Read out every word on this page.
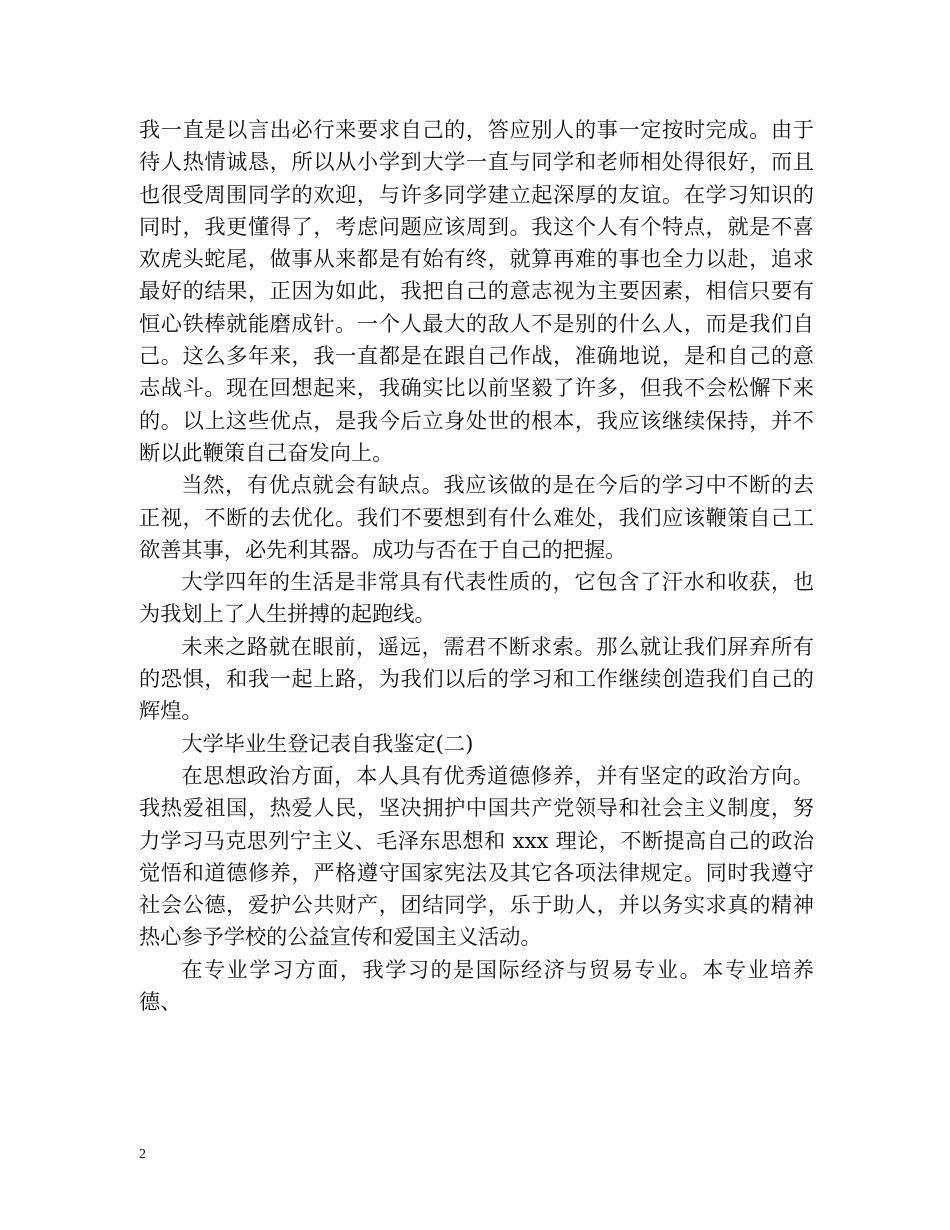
我一直是以言出必行来要求自己的，答应别人的事一定按时完成。由于待人热情诚恳，所以从小学到大学一直与同学和老师相处得很好，而且也很受周围同学的欢迎，与许多同学建立起深厚的友谊。在学习知识的同时，我更懂得了，考虑问题应该周到。我这个人有个特点，就是不喜欢虎头蛇尾，做事从来都是有始有终，就算再难的事也全力以赴，追求最好的结果，正因为如此，我把自己的意志视为主要因素，相信只要有恒心铁棒就能磨成针。一个人最大的敌人不是别的什么人，而是我们自己。这么多年来，我一直都是在跟自己作战，准确地说，是和自己的意志战斗。现在回想起来，我确实比以前坚毅了许多，但我不会松懈下来的。以上这些优点，是我今后立身处世的根本，我应该继续保持，并不断以此鞭策自己奋发向上。

当然，有优点就会有缺点。我应该做的是在今后的学习中不断的去正视，不断的去优化。我们不要想到有什么难处，我们应该鞭策自己工欲善其事，必先利其器。成功与否在于自己的把握。

大学四年的生活是非常具有代表性质的，它包含了汗水和收获，也为我划上了人生拼搏的起跑线。

未来之路就在眼前，遥远，需君不断求索。那么就让我们屏弃所有的恐惧，和我一起上路，为我们以后的学习和工作继续创造我们自己的辉煌。

大学毕业生登记表自我鉴定(二)

在思想政治方面，本人具有优秀道德修养，并有坚定的政治方向。我热爱祖国，热爱人民，坚决拥护中国共产党领导和社会主义制度，努力学习马克思列宁主义、毛泽东思想和 xxx 理论，不断提高自己的政治觉悟和道德修养，严格遵守国家宪法及其它各项法律规定。同时我遵守社会公德，爱护公共财产，团结同学，乐于助人，并以务实求真的精神热心参予学校的公益宣传和爱国主义活动。

在专业学习方面，我学习的是国际经济与贸易专业。本专业培养德、

2
